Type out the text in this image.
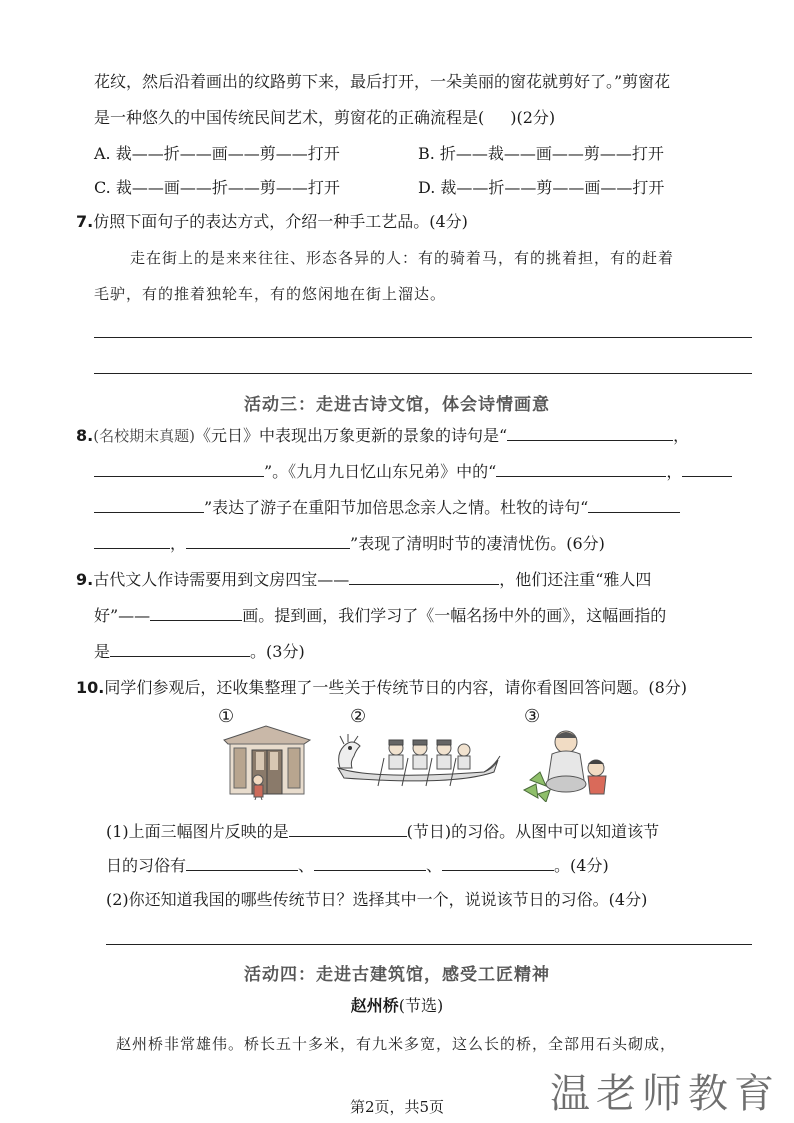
花纹，然后沿着画出的纹路剪下来，最后打开，一朵美丽的窗花就剪好了。”剪窗花
是一种悠久的中国传统民间艺术，剪窗花的正确流程是( )(2分)
A. 裁——折——画——剪——打开	B. 折——裁——画——剪——打开
C. 裁——画——折——剪——打开	D. 裁——折——剪——画——打开
7.仿照下面句子的表达方式，介绍一种手工艺品。(4分)
走在街上的是来来往往、形态各异的人：有的骑着马，有的挑着担，有的赶着
毛驴，有的推着独轮车，有的悠闲地在街上溜达。
活动三：走进古诗文馆，体会诗情画意
8.(名校期末真题)《元日》中表现出万象更新的景象的诗句是“	，
”。《九月九日忆山东兄弟》中的“	，
”表达了游子在重阳节加倍思念亲人之情。杜牧的诗句“
，	”表现了清明时节的凄清忧伤。(6分)
9.古代文人作诗需要用到文房四宝——	，他们还注重“雅人四
好”——	画。提到画，我们学习了《一幅名扬中外的画》，这幅画指的
是	。(3分)
10.同学们参观后，还收集整理了一些关于传统节日的内容，请你看图回答问题。(8分)
①	②	③
(1)上面三幅图片反映的是	(节日)的习俗。从图中可以知道该节
日的习俗有	、	、	。(4分)
(2)你还知道我国的哪些传统节日？选择其中一个，说说该节日的习俗。(4分)
活动四：走进古建筑馆，感受工匠精神
赵州桥(节选)
赵州桥非常雄伟。桥长五十多米，有九米多宽，这么长的桥，全部用石头砌成，
第2页，共5页	温老师教育
